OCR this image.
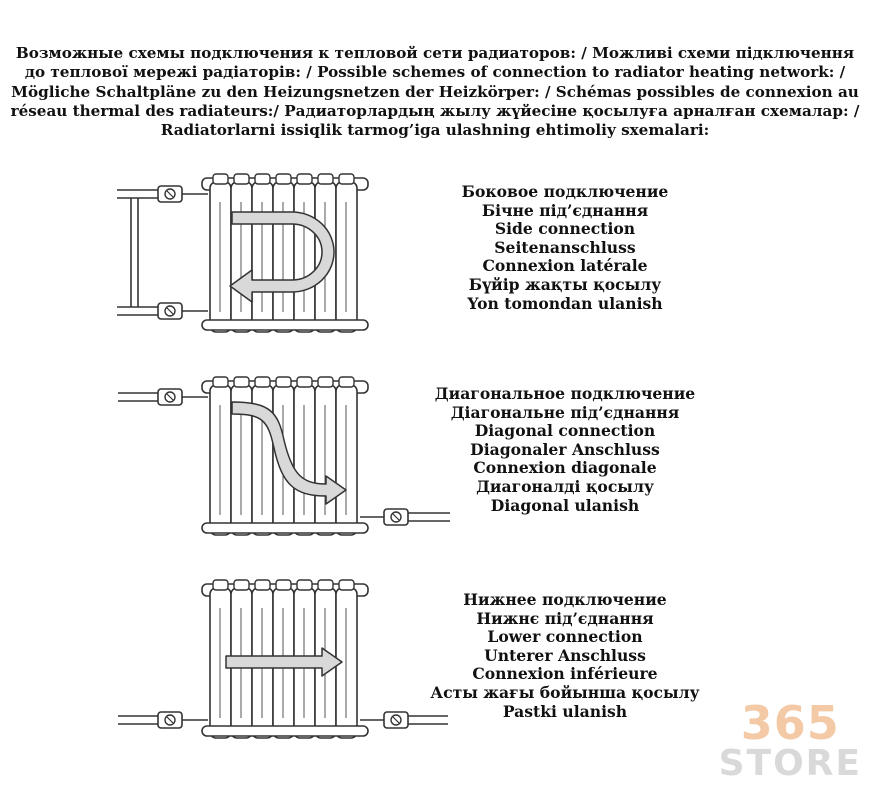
Возможные схемы подключения к тепловой сети радиаторов: / Можливі схеми підключення
до теплової мережі радіаторів: / Possible schemes of connection to radiator heating network: /
Mögliche Schaltpläne zu den Heizungsnetzen der Heizkörper: / Schémas possibles de connexion au
réseau thermal des radiateurs:/ Радиаторлардың жылу жүйесіне қосылуға арналған схемалар: /
Radiatorlarni issiqlik tarmog’iga ulashning ehtimoliy sxemalari:
Боковое подключение
Бічне під’єднання
Side connection
Seitenanschluss
Connexion latérale
Бүйір жақты қосылу
Yon tomondan ulanish
Диагональное подключение
Діагональне під’єднання
Diagonal connection
Diagonaler Anschluss
Connexion diagonale
Диагоналді қосылу
Diagonal ulanish
Нижнее подключение
Нижнє під’єднання
Lower connection
Unterer Anschluss
Connexion inférieure
Асты жағы бойынша қосылу
Pastki ulanish	365
STORE
